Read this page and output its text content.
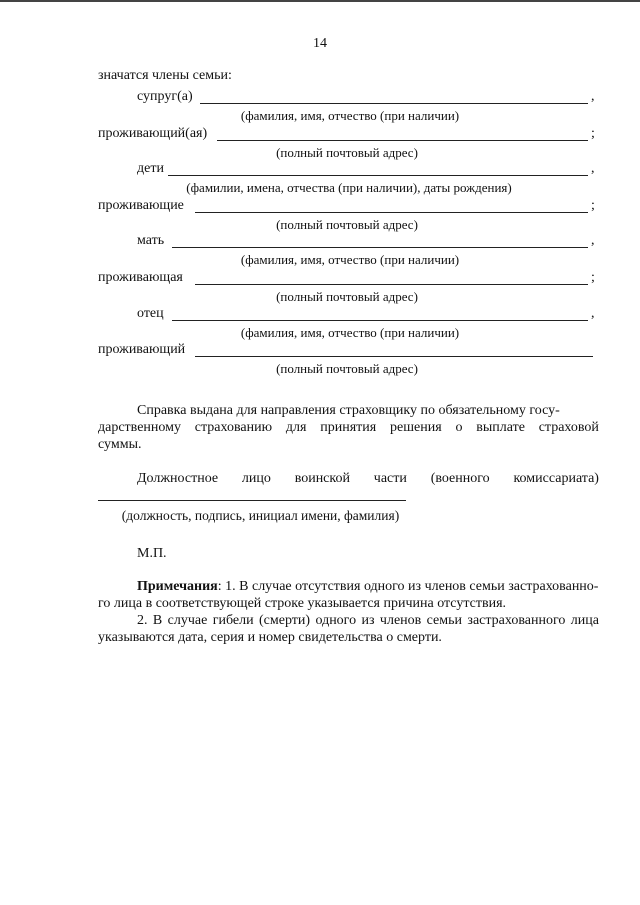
14
значатся члены семьи:
супруг(а)	,
(фамилия, имя, отчество (при наличии)
проживающий(ая)	;
(полный почтовый адрес)
дети	,
(фамилии, имена, отчества (при наличии), даты рождения)
проживающие	;
(полный почтовый адрес)
мать	,
(фамилия, имя, отчество (при наличии)
проживающая	;
(полный почтовый адрес)
отец	,
(фамилия, имя, отчество (при наличии)
проживающий
(полный почтовый адрес)
Справка выдана для направления страховщику по обязательному госу-
дарственному страхованию для принятия решения о выплате страховой
суммы.
Должностное лицо воинской части (военного комиссариата)
(должность, подпись, инициал имени, фамилия)
М.П.
Примечания: 1. В случае отсутствия одного из членов семьи застрахованно-
го лица в соответствующей строке указывается причина отсутствия.
2. В случае гибели (смерти) одного из членов семьи застрахованного лица
указываются дата, серия и номер свидетельства о смерти.
